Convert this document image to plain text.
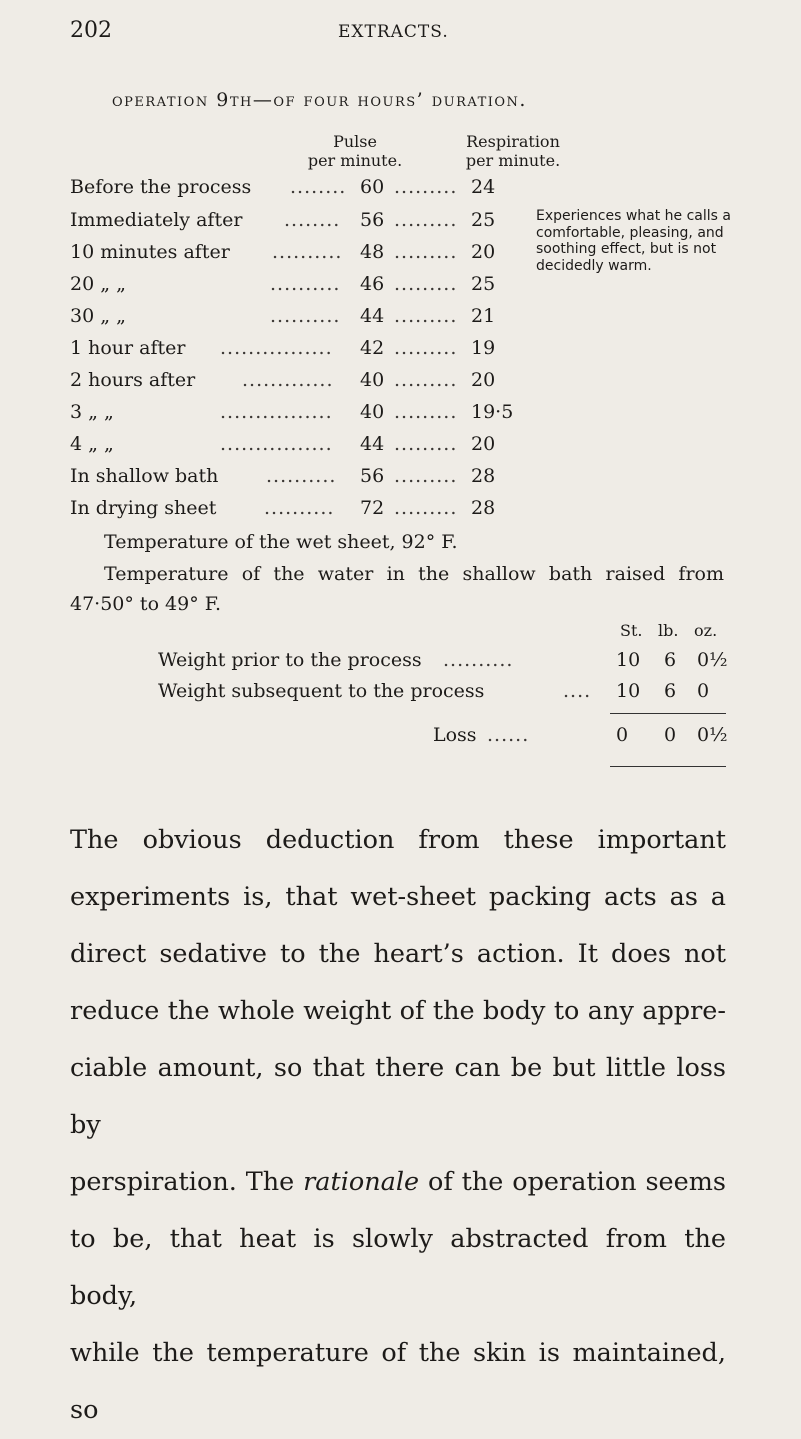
202	EXTRACTS.
operation 9th—of four hours’ duration.
Pulse
per minute.
Respiration
per minute.
Before the process ........ 60 ......... 24
Immediately after ........	56 ......... 25
10 minutes after .......... 48 ......... 20
20 „ „	..........	46 ......... 25
30 „ „	..........	44 ......... 21
1 hour after ................	42 ......... 19
2 hours after .............	40 ......... 20
3 „ „	................	40 ......... 19·5
4 „ „	................	44 ......... 20
In shallow bath	..........	56 ......... 28
In drying sheet	..........	72 ......... 28
Experiences what he calls a comfortable, pleasing, and soothing effect, but is not decidedly warm.
Temperature of the wet sheet, 92° F.
Temperature of the water in the shallow bath raised from
47·50° to 49° F.
St. lb. oz.
Weight prior to the process ..........	10 6 0½
Weight subsequent to the process	....	10 6 0
Loss ......	0 0 0½
The obvious deduction from these important
experiments is, that wet-sheet packing acts as a
direct sedative to the heart’s action. It does not
reduce the whole weight of the body to any appre-
ciable amount, so that there can be but little loss by
perspiration. The rationale of the operation seems
to be, that heat is slowly abstracted from the body,
while the temperature of the skin is maintained, so
